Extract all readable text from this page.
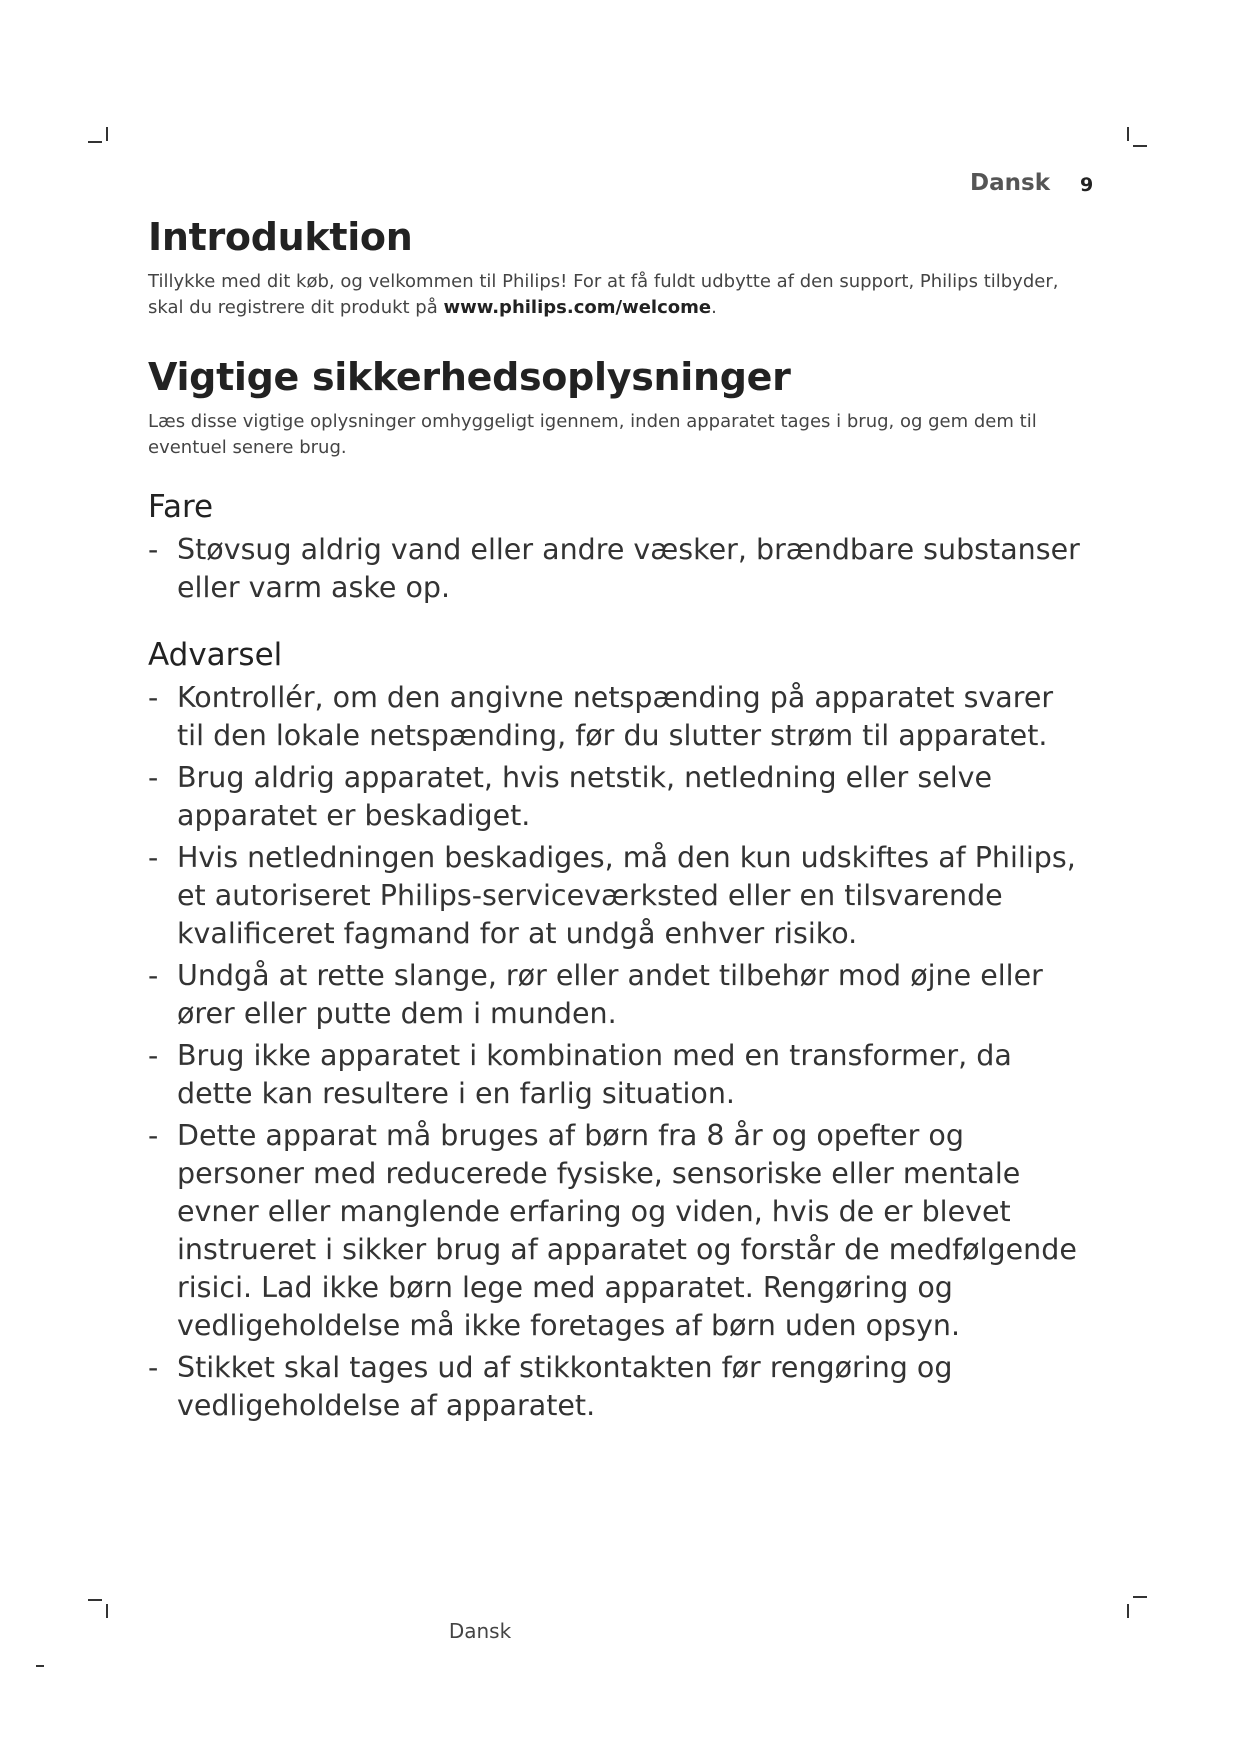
Dansk 9
Introduktion

Tillykke med dit køb, og velkommen til Philips! For at få fuldt udbytte af den support, Philips tilbyder, skal du registrere dit produkt på www.philips.com/welcome.

Vigtige sikkerhedsoplysninger

Læs disse vigtige oplysninger omhyggeligt igennem, inden apparatet tages i brug, og gem dem til eventuel senere brug.

Fare
- Støvsug aldrig vand eller andre væsker, brændbare substanser eller varm aske op.
Advarsel
- Kontrollér, om den angivne netspænding på apparatet svarer til den lokale netspænding, før du slutter strøm til apparatet.
- Brug aldrig apparatet, hvis netstik, netledning eller selve apparatet er beskadiget.
- Hvis netledningen beskadiges, må den kun udskiftes af Philips, et autoriseret Philips-serviceværksted eller en tilsvarende kvalificeret fagmand for at undgå enhver risiko.
- Undgå at rette slange, rør eller andet tilbehør mod øjne eller ører eller putte dem i munden.
- Brug ikke apparatet i kombination med en transformer, da dette kan resultere i en farlig situation.
- Dette apparat må bruges af børn fra 8 år og opefter og personer med reducerede fysiske, sensoriske eller mentale evner eller manglende erfaring og viden, hvis de er blevet instrueret i sikker brug af apparatet og forstår de medfølgende risici. Lad ikke børn lege med apparatet. Rengøring og vedligeholdelse må ikke foretages af børn uden opsyn.
- Stikket skal tages ud af stikkontakten før rengøring og vedligeholdelse af apparatet.
Dansk
